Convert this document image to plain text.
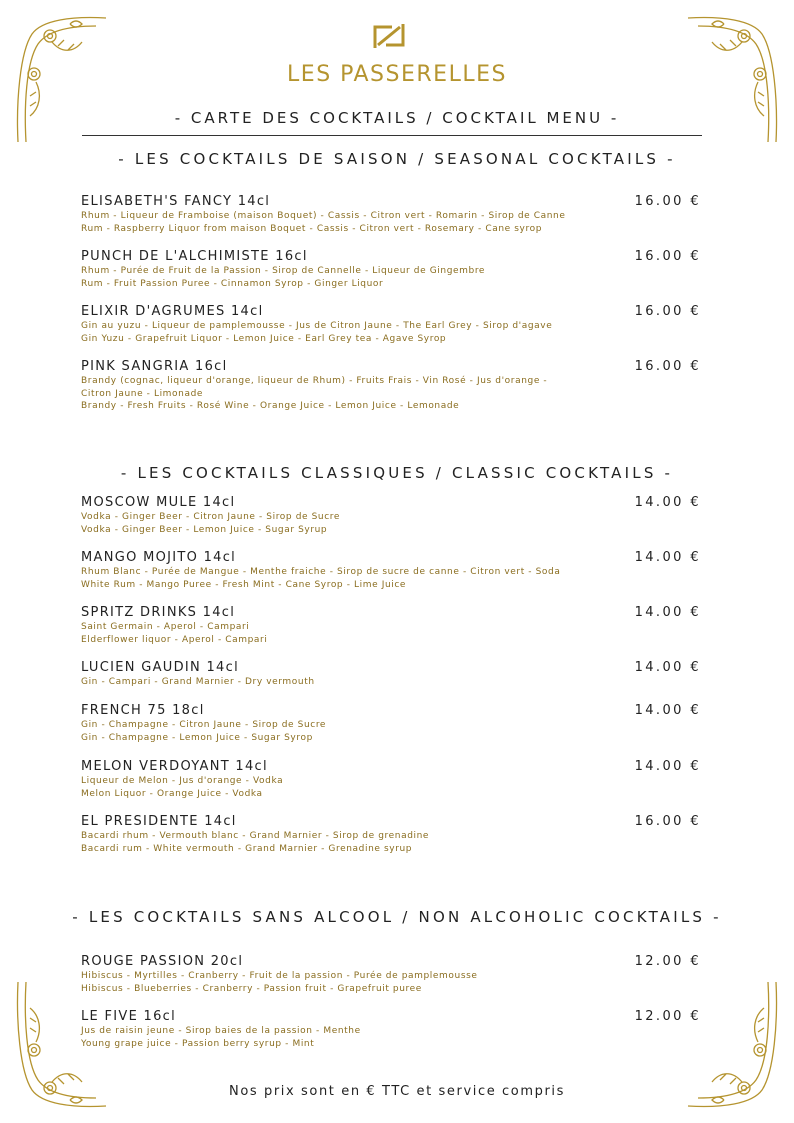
LES PASSERELLES
- CARTE DES COCKTAILS / COCKTAIL MENU -
- LES COCKTAILS DE SAISON / SEASONAL COCKTAILS -
ELISABETH'S FANCY 14cl	16.00 €
Rhum - Liqueur de Framboise (maison Boquet) - Cassis - Citron vert - Romarin - Sirop de Canne
Rum - Raspberry Liquor from maison Boquet - Cassis - Citron vert - Rosemary - Cane syrop
PUNCH DE L'ALCHIMISTE 16cl	16.00 €
Rhum - Purée de Fruit de la Passion - Sirop de Cannelle - Liqueur de Gingembre
Rum - Fruit Passion Puree - Cinnamon Syrop - Ginger Liquor
ELIXIR D'AGRUMES 14cl	16.00 €
Gin au yuzu - Liqueur de pamplemousse - Jus de Citron Jaune - The Earl Grey - Sirop d'agave
Gin Yuzu - Grapefruit Liquor - Lemon Juice - Earl Grey tea - Agave Syrop
PINK SANGRIA 16cl	16.00 €
Brandy (cognac, liqueur d'orange, liqueur de Rhum) - Fruits Frais - Vin Rosé - Jus d'orange -
Citron Jaune - Limonade
Brandy - Fresh Fruits - Rosé Wine - Orange Juice - Lemon Juice - Lemonade
- LES COCKTAILS CLASSIQUES / CLASSIC COCKTAILS -
MOSCOW MULE 14cl	14.00 €
Vodka - Ginger Beer - Citron Jaune - Sirop de Sucre
Vodka - Ginger Beer - Lemon Juice - Sugar Syrup
MANGO MOJITO 14cl	14.00 €
Rhum Blanc - Purée de Mangue - Menthe fraiche - Sirop de sucre de canne - Citron vert - Soda
White Rum - Mango Puree - Fresh Mint - Cane Syrop - Lime Juice
SPRITZ DRINKS 14cl	14.00 €
Saint Germain - Aperol - Campari
Elderflower liquor - Aperol - Campari
LUCIEN GAUDIN 14cl	14.00 €
Gin - Campari - Grand Marnier - Dry vermouth
FRENCH 75 18cl	14.00 €
Gin - Champagne - Citron Jaune - Sirop de Sucre
Gin - Champagne - Lemon Juice - Sugar Syrop
MELON VERDOYANT 14cl	14.00 €
Liqueur de Melon - Jus d'orange - Vodka
Melon Liquor - Orange Juice - Vodka
EL PRESIDENTE 14cl	16.00 €
Bacardi rhum - Vermouth blanc - Grand Marnier - Sirop de grenadine
Bacardi rum - White vermouth - Grand Marnier - Grenadine syrup
- LES COCKTAILS SANS ALCOOL / NON ALCOHOLIC COCKTAILS -
ROUGE PASSION 20cl	12.00 €
Hibiscus - Myrtilles - Cranberry - Fruit de la passion - Purée de pamplemousse
Hibiscus - Blueberries - Cranberry - Passion fruit - Grapefruit puree
LE FIVE 16cl	12.00 €
Jus de raisin jeune - Sirop baies de la passion - Menthe
Young grape juice - Passion berry syrup - Mint
Nos prix sont en € TTC et service compris
